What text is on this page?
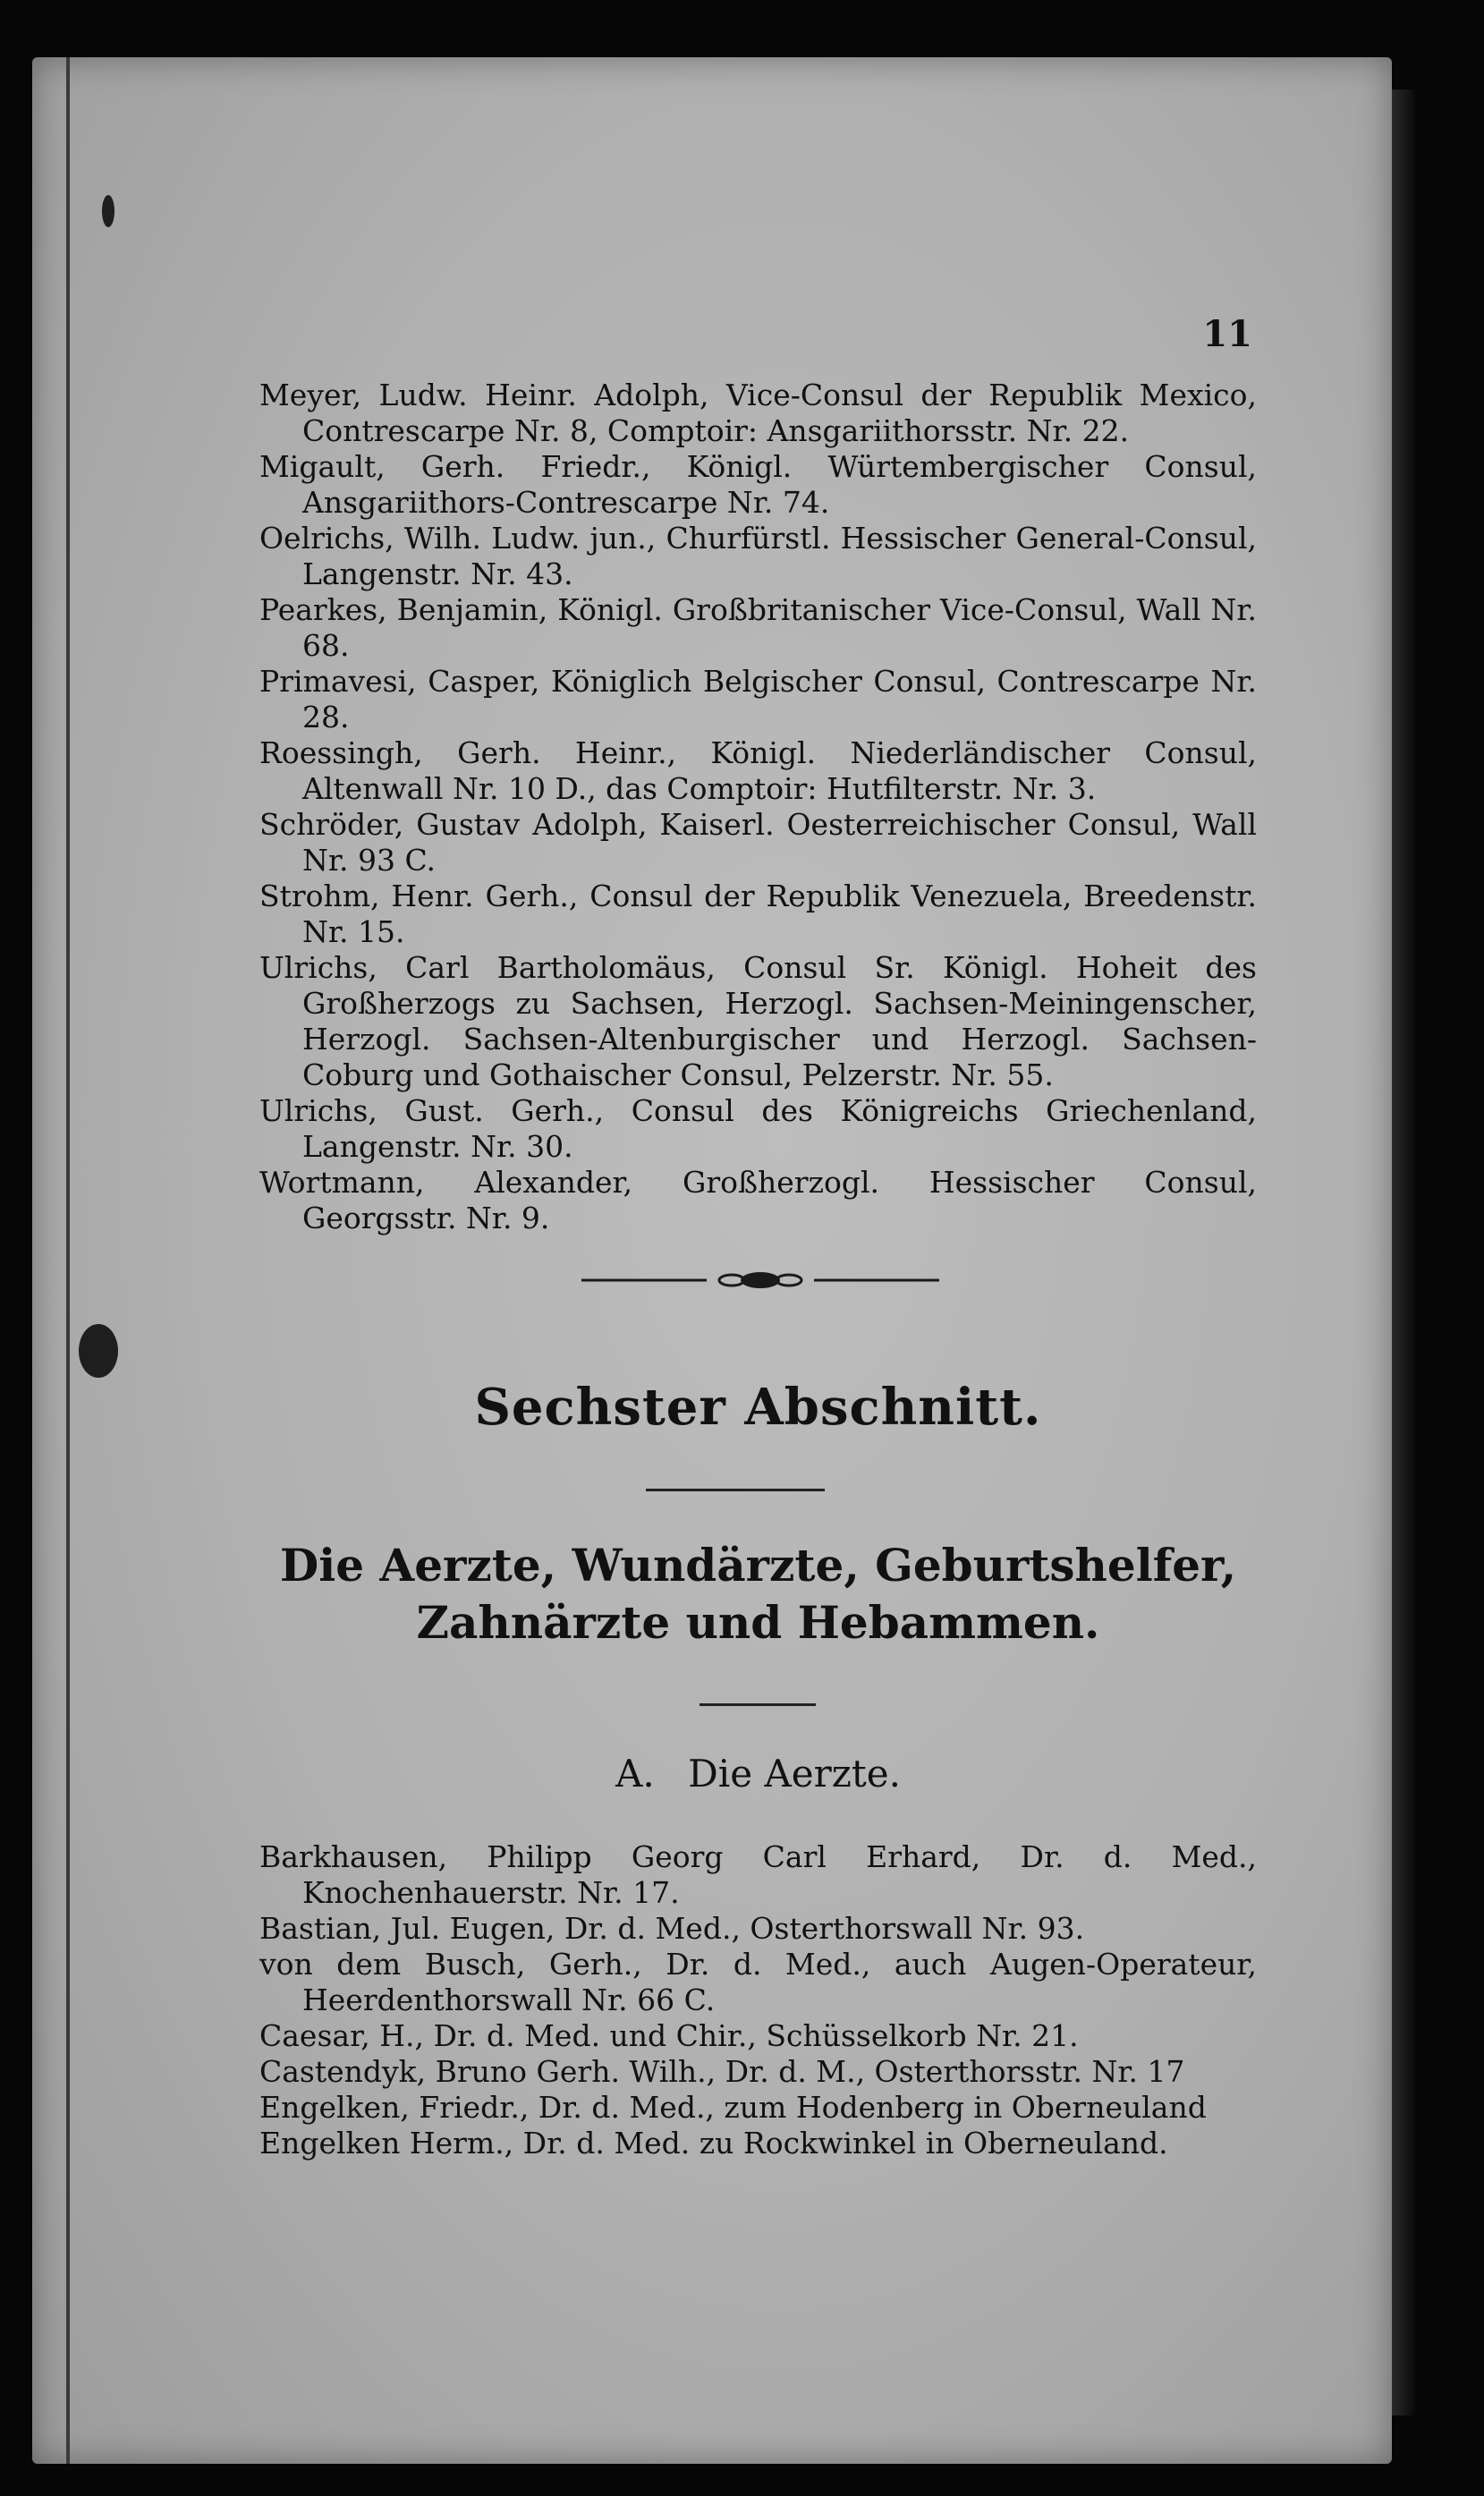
11
Meyer, Ludw. Heinr. Adolph, Vice-Consul der Republik Mexico, Contrescarpe Nr. 8, Comptoir: Ansgariithorsstr. Nr. 22.
Migault, Gerh. Friedr., Königl. Würtembergischer Consul, Ansgariithors-Contrescarpe Nr. 74.
Oelrichs, Wilh. Ludw. jun., Churfürstl. Hessischer General-Consul, Langenstr. Nr. 43.
Pearkes, Benjamin, Königl. Großbritanischer Vice-Consul, Wall Nr. 68.
Primavesi, Casper, Königlich Belgischer Consul, Contrescarpe Nr. 28.
Roessingh, Gerh. Heinr., Königl. Niederländischer Consul, Altenwall Nr. 10 D., das Comptoir: Hutfilterstr. Nr. 3.
Schröder, Gustav Adolph, Kaiserl. Oesterreichischer Consul, Wall Nr. 93 C.
Strohm, Henr. Gerh., Consul der Republik Venezuela, Breedenstr. Nr. 15.
Ulrichs, Carl Bartholomäus, Consul Sr. Königl. Hoheit des Großherzogs zu Sachsen, Herzogl. Sachsen-Meiningenscher, Herzogl. Sachsen-Altenburgischer und Herzogl. Sachsen-Coburg und Gothaischer Consul, Pelzerstr. Nr. 55.
Ulrichs, Gust. Gerh., Consul des Königreichs Griechenland, Langenstr. Nr. 30.
Wortmann, Alexander, Großherzogl. Hessischer Consul, Georgsstr. Nr. 9.
Sechster Abschnitt.
Die Aerzte, Wundärzte, Geburtshelfer,
Zahnärzte und Hebammen.
A. Die Aerzte.
Barkhausen, Philipp Georg Carl Erhard, Dr. d. Med., Knochenhauerstr. Nr. 17.
Bastian, Jul. Eugen, Dr. d. Med., Osterthorswall Nr. 93.
von dem Busch, Gerh., Dr. d. Med., auch Augen-Operateur, Heerdenthorswall Nr. 66 C.
Caesar, H., Dr. d. Med. und Chir., Schüsselkorb Nr. 21.
Castendyk, Bruno Gerh. Wilh., Dr. d. M., Osterthorsstr. Nr. 17
Engelken, Friedr., Dr. d. Med., zum Hodenberg in Oberneuland
Engelken Herm., Dr. d. Med. zu Rockwinkel in Oberneuland.
